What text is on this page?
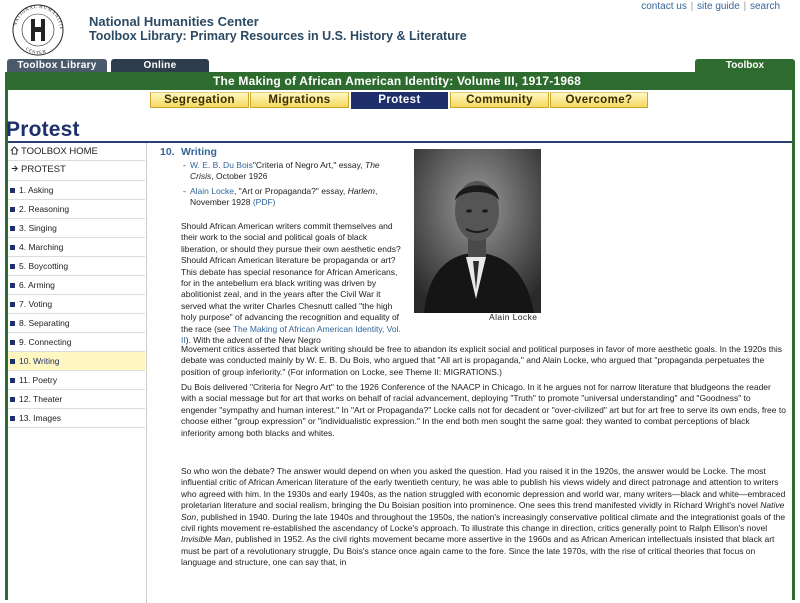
NATIONAL HUMANITIE
CENTER
National Humanities Center
Toolbox Library: Primary Resources in U.S. History & Literature
contact us | site guide | search
Toolbox Library	Online	Toolbox
The Making of African American Identity: Volume III, 1917-1968
Segregation	Migrations	Protest	Community	Overcome?
Protest
TOOLBOX HOME
PROTEST
1. Asking
2. Reasoning
3. Singing
4. Marching
5. Boycotting
6. Arming
7. Voting
8. Separating
9. Connecting
10. Writing
11. Poetry
12. Theater
13. Images
10. Writing
- W. E. B. Du Bois"Criteria of Negro Art," essay, The Crisis, October 1926
- Alain Locke, "Art or Propaganda?" essay, Harlem, November 1928 (PDF)
Alain Locke

Should African American writers commit themselves and their work to the social and political goals of black liberation, or should they pursue their own aesthetic ends? Should African American literature be propaganda or art? This debate has special resonance for African Americans, for in the antebellum era black writing was driven by abolitionist zeal, and in the years after the Civil War it served what the writer Charles Chesnutt called "the high holy purpose" of advancing the recognition and equality of the race (see The Making of African American Identity, Vol. II). With the advent of the New Negro

Movement critics asserted that black writing should be free to abandon its explicit social and political purposes in favor of more aesthetic goals. In the 1920s this debate was conducted mainly by W. E. B. Du Bois, who argued that "All art is propaganda," and Alain Locke, who argued that "propaganda perpetuates the position of group inferiority." (For information on Locke, see Theme II: MIGRATIONS.)

Du Bois delivered "Criteria for Negro Art" to the 1926 Conference of the NAACP in Chicago. In it he argues not for narrow literature that bludgeons the reader with a social message but for art that works on behalf of racial advancement, deploying "Truth" to promote "universal understanding" and "Goodness" to engender "sympathy and human interest." In "Art or Propaganda?" Locke calls not for decadent or "over-civilized" art but for art free to serve its own ends, free to choose either "group expression" or "individualistic expression." In the end both men sought the same goal: they wanted to combat perceptions of black inferiority among both blacks and whites.

So who won the debate? The answer would depend on when you asked the question. Had you raised it in the 1920s, the answer would be Locke. The most influential critic of African American literature of the early twentieth century, he was able to publish his views widely and direct patronage and attention to writers who agreed with him. In the 1930s and early 1940s, as the nation struggled with economic depression and world war, many writers—black and white—embraced proletarian literature and social realism, bringing the Du Boisian position into prominence. One sees this trend manifested vividly in Richard Wright's novel Native Son, published in 1940. During the late 1940s and throughout the 1950s, the nation's increasingly conservative political climate and the integrationist goals of the civil rights movement re-established the ascendancy of Locke's approach. To illustrate this change in direction, critics generally point to Ralph Ellison's novel Invisible Man, published in 1952. As the civil rights movement became more assertive in the 1960s and as African American intellectuals insisted that black art must be part of a revolutionary struggle, Du Bois's stance once again came to the fore. Since the late 1970s, with the rise of critical theories that focus on language and structure, one can say that, in
